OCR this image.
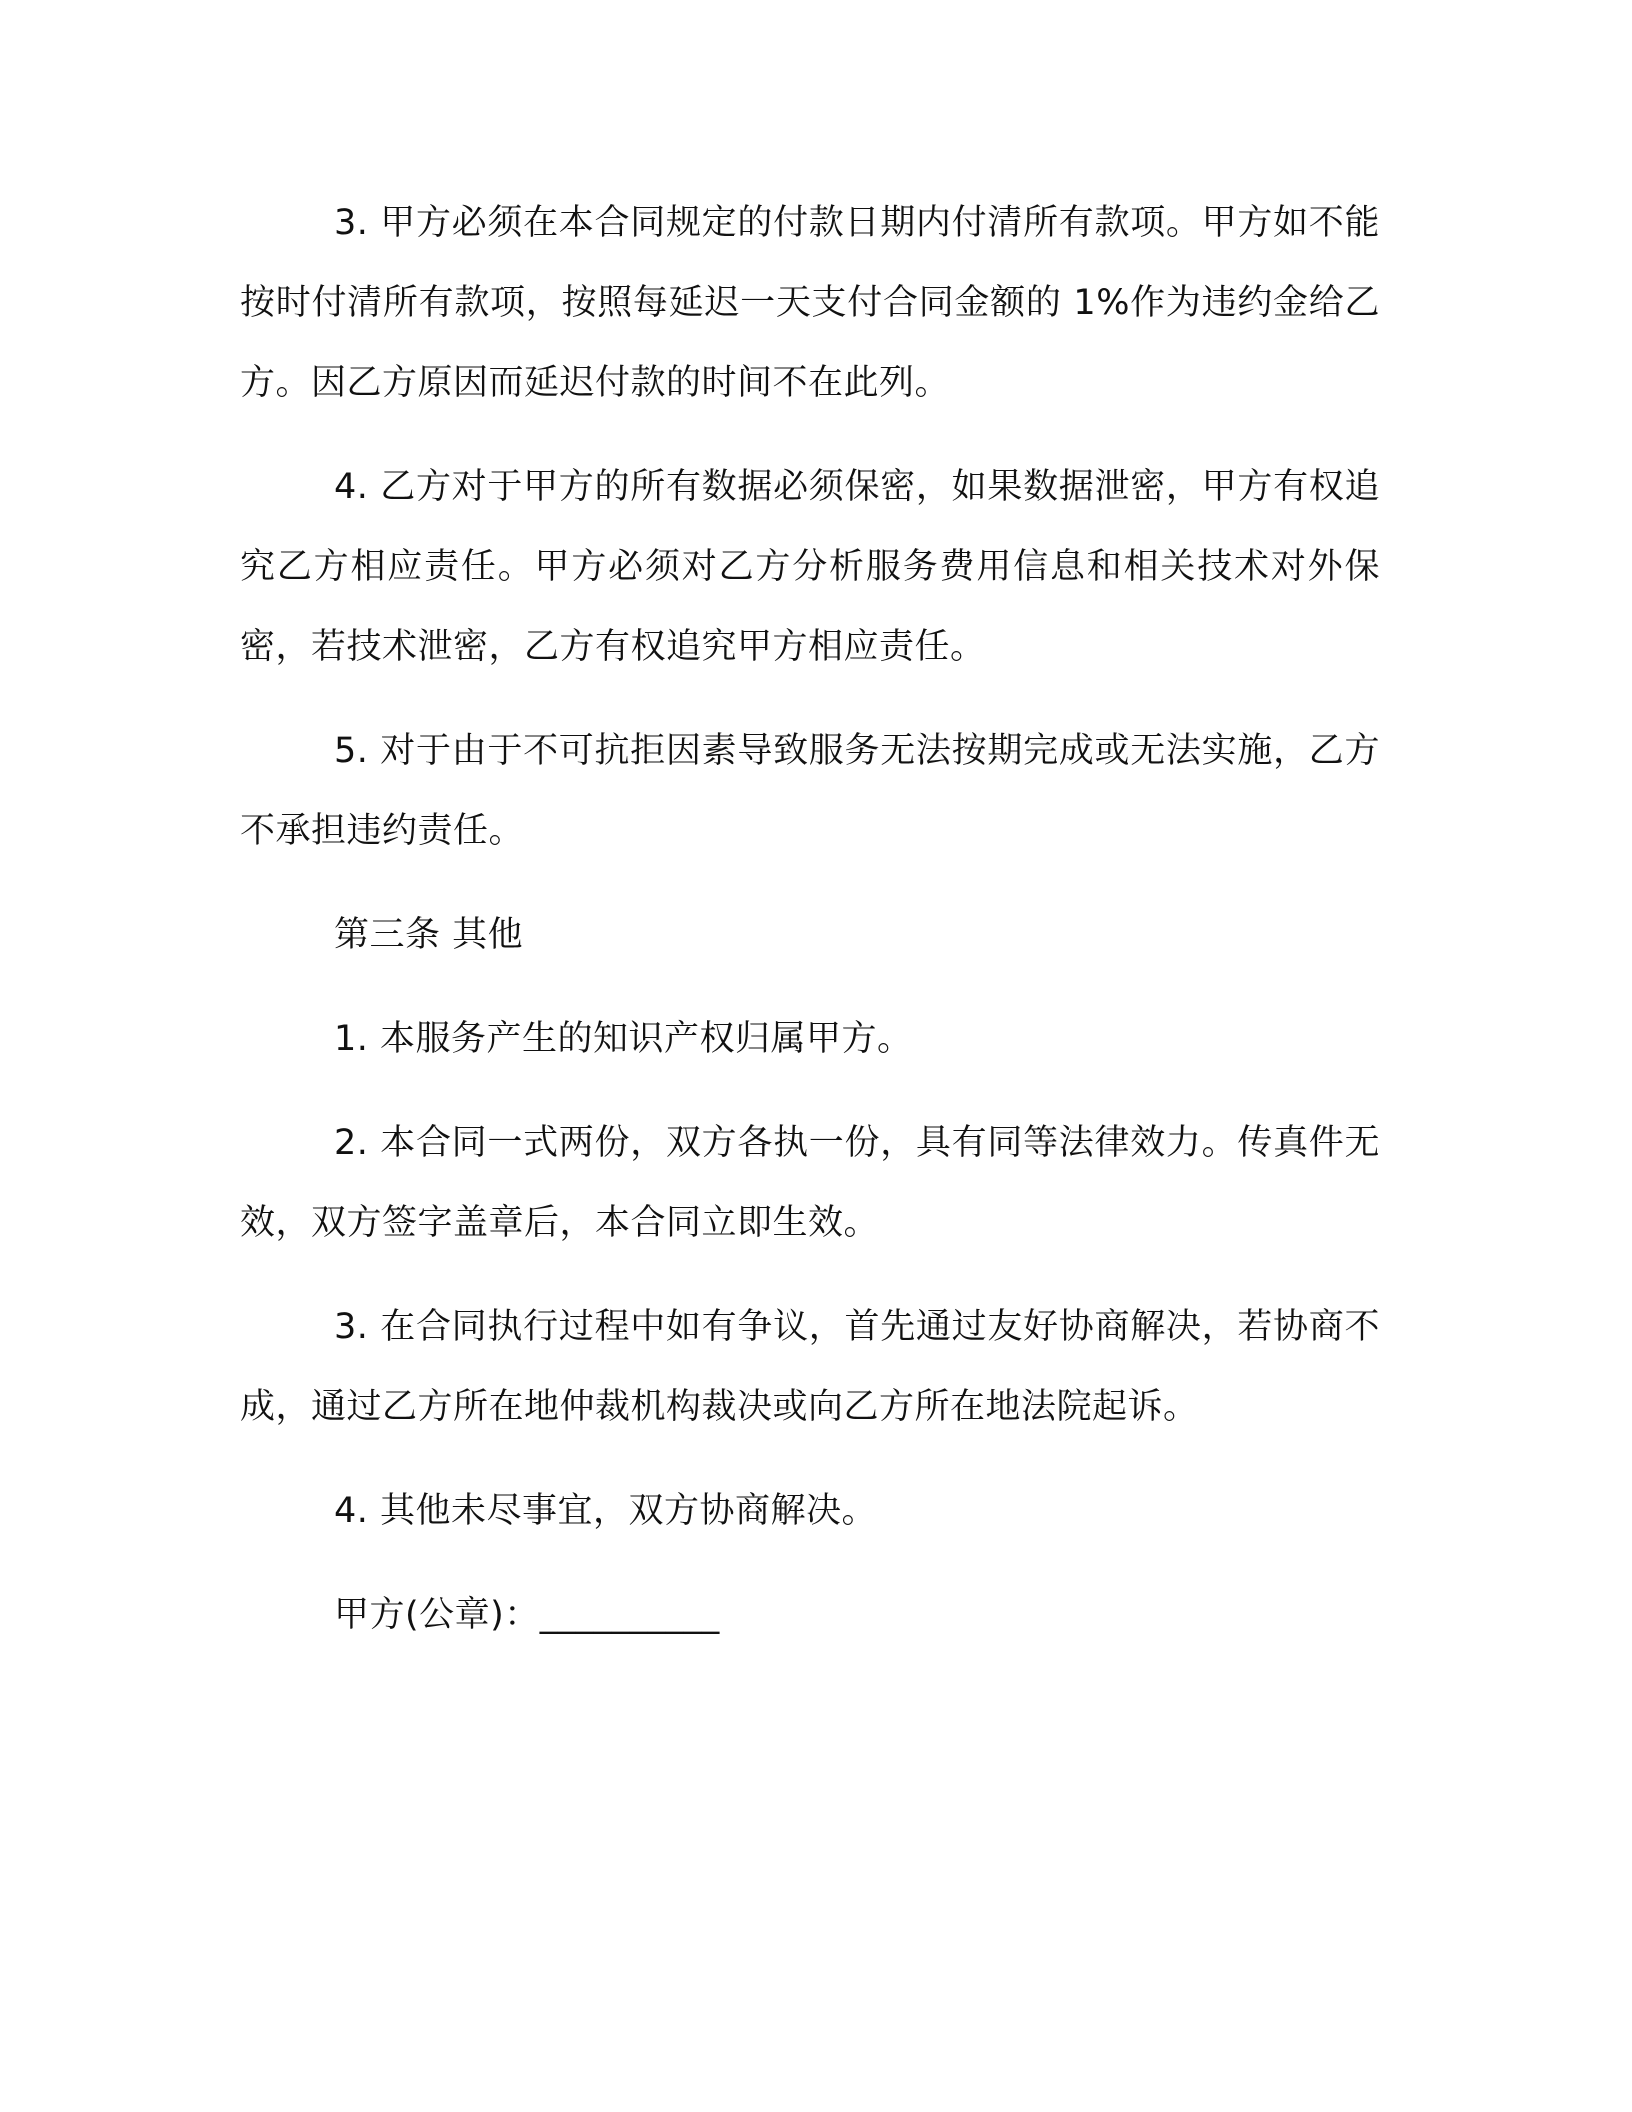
3. 甲方必须在本合同规定的付款日期内付清所有款项。甲方如不能按时付清所有款项，按照每延迟一天支付合同金额的 1%作为违约金给乙方。因乙方原因而延迟付款的时间不在此列。

4. 乙方对于甲方的所有数据必须保密，如果数据泄密，甲方有权追究乙方相应责任。甲方必须对乙方分析服务费用信息和相关技术对外保密，若技术泄密，乙方有权追究甲方相应责任。

5. 对于由于不可抗拒因素导致服务无法按期完成或无法实施，乙方不承担违约责任。

第三条 其他

1. 本服务产生的知识产权归属甲方。

2. 本合同一式两份，双方各执一份，具有同等法律效力。传真件无效，双方签字盖章后，本合同立即生效。

3. 在合同执行过程中如有争议，首先通过友好协商解决，若协商不成，通过乙方所在地仲裁机构裁决或向乙方所在地法院起诉。

4. 其他未尽事宜，双方协商解决。

甲方(公章)：__________
